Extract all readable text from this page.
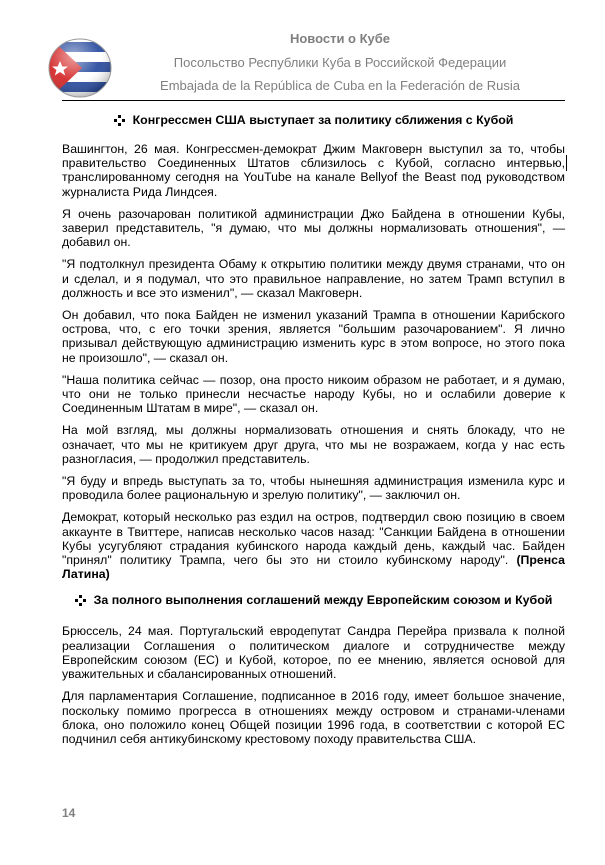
Новости о Кубе
Посольство Республики Куба в Российской Федерации
Embajada de la República de Cuba en la Federación de Rusia
Конгрессмен США выступает за политику сближения с Кубой

Вашингтон, 26 мая. Конгрессмен-демократ Джим Макговерн выступил за то, чтобы правительство Соединенных Штатов сблизилось с Кубой, согласно интервью, транслированному сегодня на YouTube на канале Bellyof the Beast под руководством журналиста Рида Линдсея.

Я очень разочарован политикой администрации Джо Байдена в отношении Кубы, заверил представитель, "я думаю, что мы должны нормализовать отношения", — добавил он.

"Я подтолкнул президента Обаму к открытию политики между двумя странами, что он и сделал, и я подумал, что это правильное направление, но затем Трамп вступил в должность и все это изменил", — сказал Макговерн.

Он добавил, что пока Байден не изменил указаний Трампа в отношении Карибского острова, что, с его точки зрения, является "большим разочарованием". Я лично призывал действующую администрацию изменить курс в этом вопросе, но этого пока не произошло", — сказал он.

"Наша политика сейчас — позор, она просто никоим образом не работает, и я думаю, что они не только принесли несчастье народу Кубы, но и ослабили доверие к Соединенным Штатам в мире", — сказал он.

На мой взгляд, мы должны нормализовать отношения и снять блокаду, что не означает, что мы не критикуем друг друга, что мы не возражаем, когда у нас есть разногласия, — продолжил представитель.

"Я буду и впредь выступать за то, чтобы нынешняя администрация изменила курс и проводила более рациональную и зрелую политику", — заключил он.

Демократ, который несколько раз ездил на остров, подтвердил свою позицию в своем аккаунте в Твиттере, написав несколько часов назад: "Санкции Байдена в отношении Кубы усугубляют страдания кубинского народа каждый день, каждый час. Байден "принял" политику Трампа, чего бы это ни стоило кубинскому народу". (Пренса Латина)

За полного выполнения соглашений между Европейским союзом и Кубой

Брюссель, 24 мая. Португальский евродепутат Сандра Перейра призвала к полной реализации Соглашения о политическом диалоге и сотрудничестве между Европейским союзом (ЕС) и Кубой, которое, по ее мнению, является основой для уважительных и сбалансированных отношений.

Для парламентария Соглашение, подписанное в 2016 году, имеет большое значение, поскольку помимо прогресса в отношениях между островом и странами-членами блока, оно положило конец Общей позиции 1996 года, в соответствии с которой ЕС подчинил себя антикубинскому крестовому походу правительства США.

14
